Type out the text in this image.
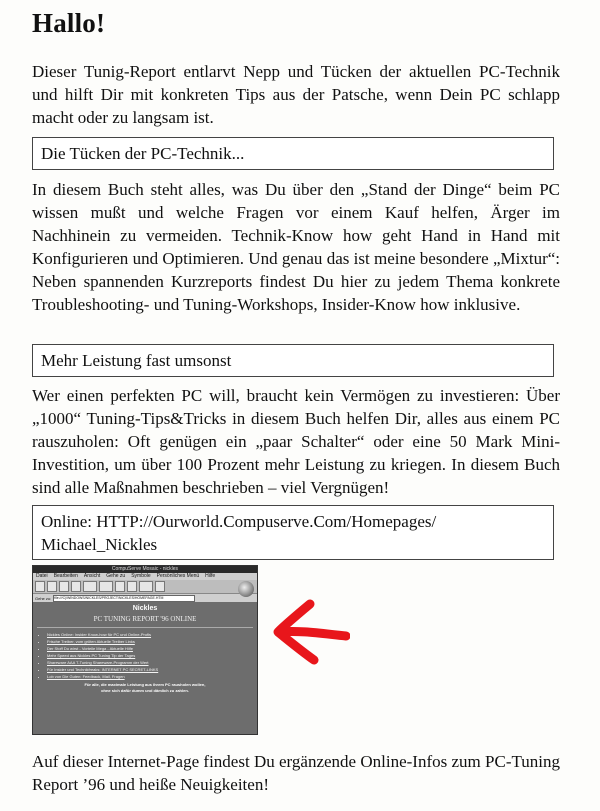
Hallo!

Dieser Tunig-Report entlarvt Nepp und Tücken der aktuellen PC-Technik und hilft Dir mit konkreten Tips aus der Patsche, wenn Dein PC schlapp macht oder zu langsam ist.

Die Tücken der PC-Technik...

In diesem Buch steht alles, was Du über den „Stand der Dinge“ beim PC wissen mußt und welche Fragen vor einem Kauf helfen, Ärger im Nachhinein zu vermeiden. Technik-Know how geht Hand in Hand mit Konfigurieren und Optimieren. Und genau das ist meine besondere „Mixtur“: Neben spannenden Kurzreports findest Du hier zu jedem Thema konkrete Troubleshooting- und Tuning-Workshops, Insider-Know how inklusive.

Mehr Leistung fast umsonst

Wer einen perfekten PC will, braucht kein Vermögen zu investieren: Über „1000“ Tuning-Tips&Tricks in diesem Buch helfen Dir, alles aus einem PC rauszuholen: Oft genügen ein „paar Schalter“ oder eine 50 Mark Mini-Investition, um über 100 Prozent mehr Leistung zu kriegen. In diesem Buch sind alle Maßnahmen beschrieben – viel Vergnügen!

Online: HTTP://Ourworld.Compuserve.Com/Homepages/
Michael_Nickles
CompuServe Mosaic - nickles
Datei Bearbeiten Ansicht Gehe zu Symbole Persönliches Menü Hilfe
Gehe zu: file:///C|/WINDOWS/NICKLES/PROJECT/NICKLES/HOMEPAGE.HTM
Nickles
PC TUNING REPORT '96 ONLINE
• Nickles Online: Insider Know-how für PC und Online-Profis
• Frische Treiber, vom gröten Aktuelle Treiber Links
• Der Stoff Du wirst - Vorteile Mega - Aktuelle Hilfe
• Mehr Speed aus Nickles PC Tuning Tip der Tages
• Shareware AAA T-Tuning Shareware-Programm der Wert
• Für Insider und Technikfreaks: INTERNET PC SECRET-LINKS
• Lob von Die Guten: Feedback, Mail, Fragen
Für alle, die maximale Leistung aus ihrem PC rausholen wollen,
ohne sich dafür dumm und dämlich zu zahlen.

Auf dieser Internet-Page findest Du ergänzende Online-Infos zum PC-Tuning Report ’96 und heiße Neuigkeiten!
